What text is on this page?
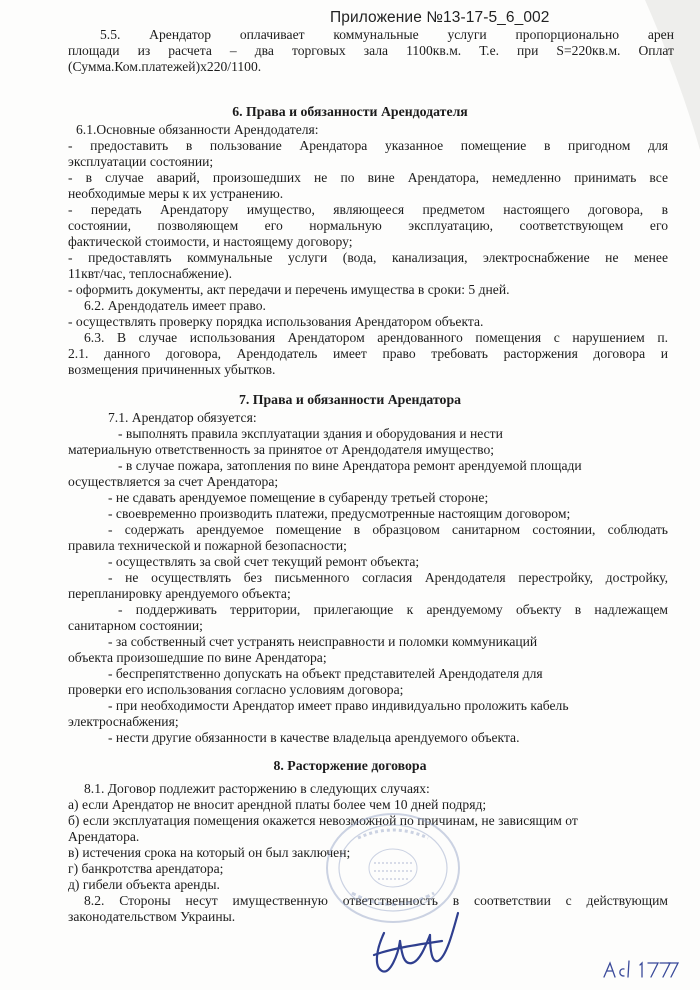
Приложение №13-17-5_6_002
5.5. Арендатор оплачивает коммунальные услуги пропорционально арен
площади из расчета – два торговых зала 1100кв.м. Т.е. при S=220кв.м. Оплат
(Сумма.Ком.платежей)х220/1100.
6. Права и обязанности Арендодателя
6.1.Основные обязанности Арендодателя:
- предоставить в пользование Арендатора указанное помещение в пригодном для
эксплуатации состоянии;
- в случае аварий, произошедших не по вине Арендатора, немедленно принимать все
необходимые меры к их устранению.
- передать Арендатору имущество, являющееся предметом настоящего договора, в
состоянии, позволяющем его нормальную эксплуатацию, соответствующем его
фактической стоимости, и настоящему договору;
- предоставлять коммунальные услуги (вода, канализация, электроснабжение не менее
11квт/час, теплоснабжение).
- оформить документы, акт передачи и перечень имущества в сроки: 5 дней.
6.2. Арендодатель имеет право.
- осуществлять проверку порядка использования Арендатором объекта.
6.3. В случае использования Арендатором арендованного помещения с нарушением п.
2.1. данного договора, Арендодатель имеет право требовать расторжения договора и
возмещения причиненных убытков.
7. Права и обязанности Арендатора
7.1. Арендатор обязуется:
- выполнять правила эксплуатации здания и оборудования и нести
материальную ответственность за принятое от Арендодателя имущество;
- в случае пожара, затопления по вине Арендатора ремонт арендуемой площади
осуществляется за счет Арендатора;
- не сдавать арендуемое помещение в субаренду третьей стороне;
- своевременно производить платежи, предусмотренные настоящим договором;
- содержать арендуемое помещение в образцовом санитарном состоянии, соблюдать
правила технической и пожарной безопасности;
- осуществлять за свой счет текущий ремонт объекта;
- не осуществлять без письменного согласия Арендодателя перестройку, достройку,
перепланировку арендуемого объекта;
- поддерживать территории, прилегающие к арендуемому объекту в надлежащем
санитарном состоянии;
- за собственный счет устранять неисправности и поломки коммуникаций
объекта произошедшие по вине Арендатора;
- беспрепятственно допускать на объект представителей Арендодателя для
проверки его использования согласно условиям договора;
- при необходимости Арендатор имеет право индивидуально проложить кабель
электроснабжения;
- нести другие обязанности в качестве владельца арендуемого объекта.
8. Расторжение договора
8.1. Договор подлежит расторжению в следующих случаях:
а) если Арендатор не вносит арендной платы более чем 10 дней подряд;
б) если эксплуатация помещения окажется невозможной по причинам, не зависящим от
Арендатора.
в) истечения срока на который он был заключен;
г) банкротства арендатора;
д) гибели объекта аренды.
8.2. Стороны несут имущественную ответственность в соответствии с действующим
законодательством Украины.
